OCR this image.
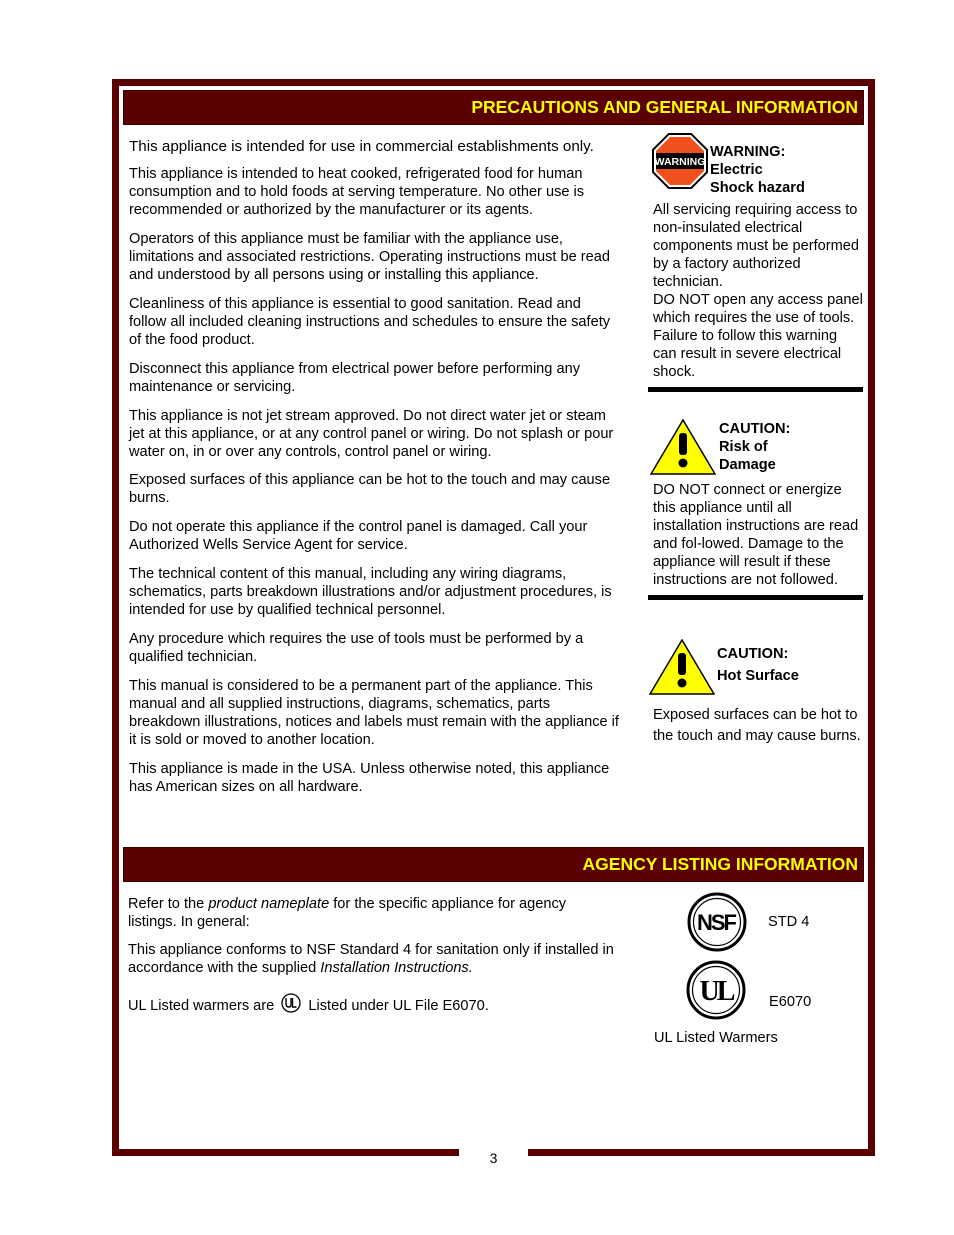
3
PRECAUTIONS AND GENERAL INFORMATION

This appliance is intended for use in commercial establishments only.

This appliance is intended to heat cooked, refrigerated food for human consumption and to hold foods at serving temperature. No other use is recommended or authorized by the manufacturer or its agents.

Operators of this appliance must be familiar with the appliance use, limitations and associated restrictions. Operating instructions must be read and understood by all persons using or installing this appliance.

Cleanliness of this appliance is essential to good sanitation. Read and follow all included cleaning instructions and schedules to ensure the safety of the food product.

Disconnect this appliance from electrical power before performing any maintenance or servicing.

This appliance is not jet stream approved. Do not direct water jet or steam jet at this appliance, or at any control panel or wiring. Do not splash or pour water on, in or over any controls, control panel or wiring.

Exposed surfaces of this appliance can be hot to the touch and may cause burns.

Do not operate this appliance if the control panel is damaged. Call your Authorized Wells Service Agent for service.

The technical content of this manual, including any wiring diagrams, schematics, parts breakdown illustrations and/or adjustment procedures, is intended for use by qualified technical personnel.

Any procedure which requires the use of tools must be performed by a qualified technician.

This manual is considered to be a permanent part of the appliance. This manual and all supplied instructions, diagrams, schematics, parts breakdown illustrations, notices and labels must remain with the appliance if it is sold or moved to another location.

This appliance is made in the USA. Unless otherwise noted, this appliance has American sizes on all hardware.

WARNING
WARNING:
Electric
Shock hazard
All servicing requiring access to non-insulated electrical components must be performed by a factory authorized technician.
DO NOT open any access panel which requires the use of tools. Failure to follow this warning can result in severe electrical shock.
CAUTION:
Risk of
Damage
DO NOT connect or energize this appliance until all installation instructions are read and fol-lowed. Damage to the appliance will result if these instructions are not followed.
CAUTION:
Hot Surface
Exposed surfaces can be hot to the touch and may cause burns.
AGENCY LISTING INFORMATION

Refer to the product nameplate for the specific appliance for agency listings. In general:

This appliance conforms to NSF Standard 4 for sanitation only if installed in accordance with the supplied Installation Instructions.

UL Listed warmers are Listed under UL File E6070.

NSF STD 4
UL	E6070
UL Listed Warmers
